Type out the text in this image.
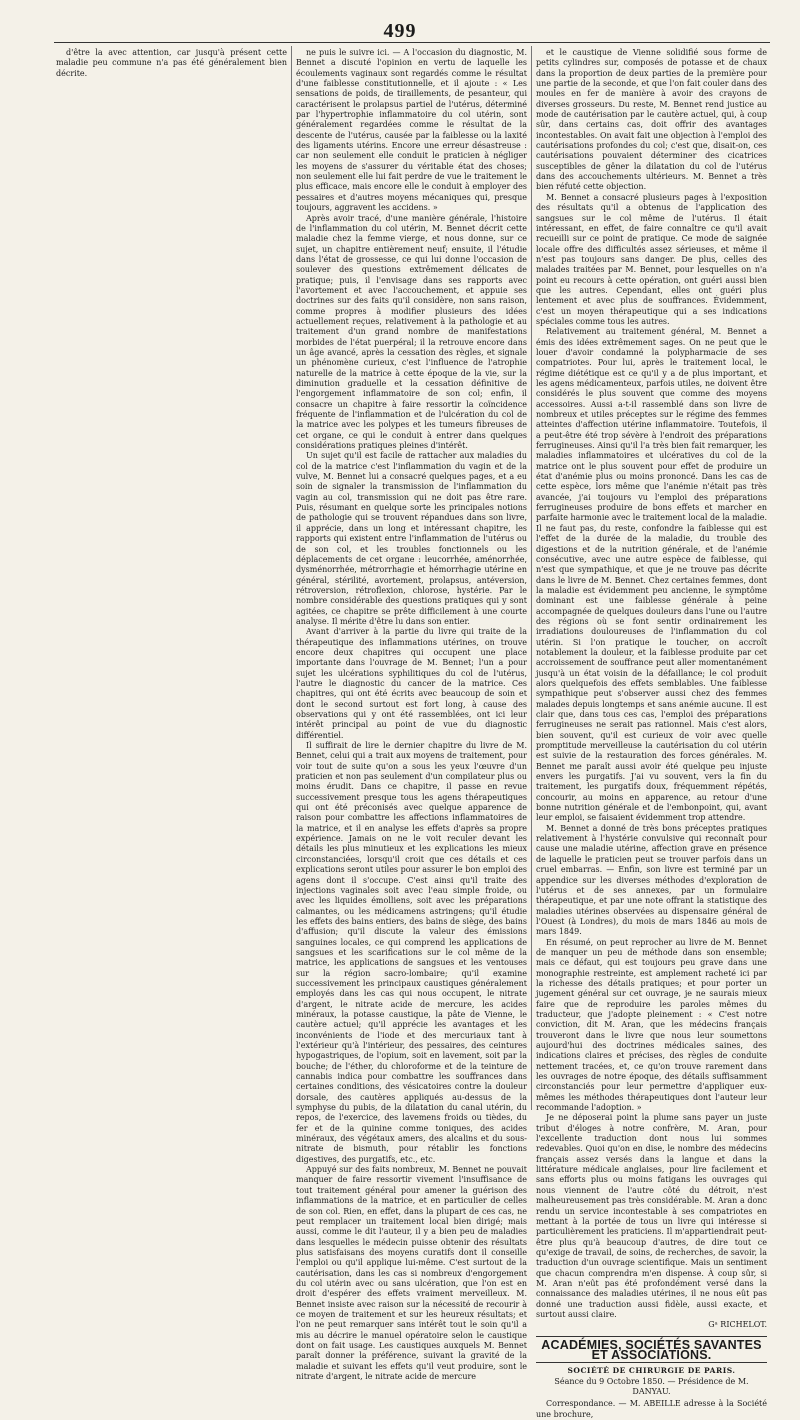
499

d'être la avec attention, car jusqu'à présent cette maladie peu commune n'a pas été généralement bien décrite.

ne puis le suivre ici. — A l'occasion du diagnostic, M. Bennet a discuté l'opinion en vertu de laquelle les écoulements vaginaux sont regardés comme le résultat d'une faiblesse constitutionnelle, et il ajoute : « Les sensations de poids, de tiraillements, de pesanteur, qui caractérisent le prolapsus partiel de l'utérus, déterminé par l'hypertrophie inflammatoire du col utérin, sont généralement regardées comme le résultat de la descente de l'utérus, causée par la faiblesse ou la laxité des ligaments utérins. Encore une erreur désastreuse : car non seulement elle conduit le praticien à négliger les moyens de s'assurer du véritable état des choses; non seulement elle lui fait perdre de vue le traitement le plus efficace, mais encore elle le conduit à employer des pessaires et d'autres moyens mécaniques qui, presque toujours, aggravent les accidens. »

Après avoir tracé, d'une manière générale, l'histoire de l'inflammation du col utérin, M. Bennet décrit cette maladie chez la femme vierge, et nous donne, sur ce sujet, un chapitre entièrement neuf; ensuite, il l'étudie dans l'état de grossesse, ce qui lui donne l'occasion de soulever des questions extrêmement délicates de pratique; puis, il l'envisage dans ses rapports avec l'avortement et avec l'accouchement, et appuie ses doctrines sur des faits qu'il considère, non sans raison, comme propres à modifier plusieurs des idées actuellement reçues, relativement à la pathologie et au traitement d'un grand nombre de manifestations morbides de l'état puerpéral; il la retrouve encore dans un âge avancé, après la cessation des règles, et signale un phénomène curieux, c'est l'influence de l'atrophie naturelle de la matrice à cette époque de la vie, sur la diminution graduelle et la cessation définitive de l'engorgement inflammatoire de son col; enfin, il consacre un chapitre à faire ressortir la coïncidence fréquente de l'inflammation et de l'ulcération du col de la matrice avec les polypes et les tumeurs fibreuses de cet organe, ce qui le conduit à entrer dans quelques considérations pratiques pleines d'intérêt.

Un sujet qu'il est facile de rattacher aux maladies du col de la matrice c'est l'inflammation du vagin et de la vulve, M. Bennet lui a consacré quelques pages, et a eu soin de signaler la transmission de l'inflammation du vagin au col, transmission qui ne doit pas être rare. Puis, résumant en quelque sorte les principales notions de pathologie qui se trouvent répandues dans son livre, il apprécie, dans un long et intéressant chapitre, les rapports qui existent entre l'inflammation de l'utérus ou de son col, et les troubles fonctionnels ou les déplacements de cet organe : leucorrhée, aménorrhée, dysménorrhée, métrorrhagie et hémorrhagie utérine en général, stérilité, avortement, prolapsus, antéversion, rétroversion, rétroflexion, chlorose, hystérie. Par le nombre considérable des questions pratiques qui y sont agitées, ce chapitre se prête difficilement à une courte analyse. Il mérite d'être lu dans son entier.

Avant d'arriver à la partie du livre qui traite de la thérapeutique des inflammations utérines, on trouve encore deux chapitres qui occupent une place importante dans l'ouvrage de M. Bennet; l'un a pour sujet les ulcérations syphilitiques du col de l'utérus, l'autre le diagnostic du cancer de la matrice. Ces chapitres, qui ont été écrits avec beaucoup de soin et dont le second surtout est fort long, à cause des observations qui y ont été rassemblées, ont ici leur intérêt principal au point de vue du diagnostic différentiel.

Il suffirait de lire le dernier chapitre du livre de M. Bennet, celui qui a trait aux moyens de traitement, pour voir tout de suite qu'on a sous les yeux l'œuvre d'un praticien et non pas seulement d'un compilateur plus ou moins érudit. Dans ce chapitre, il passe en revue successivement presque tous les agens thérapeutiques qui ont été préconisés avec quelque apparence de raison pour combattre les affections inflammatoires de la matrice, et il en analyse les effets d'après sa propre expérience. Jamais on ne le voit reculer devant les détails les plus minutieux et les explications les mieux circonstanciées, lorsqu'il croit que ces détails et ces explications seront utiles pour assurer le bon emploi des agens dont il s'occupe. C'est ainsi qu'il traite des injections vaginales soit avec l'eau simple froide, ou avec les liquides émolliens, soit avec les préparations calmantes, ou les médicamens astringens; qu'il étudie les effets des bains entiers, des bains de siège, des bains d'affusion; qu'il discute la valeur des émissions sanguines locales, ce qui comprend les applications de sangsues et les scarifications sur le col même de la matrice, les applications de sangsues et les ventouses sur la région sacro-lombaire; qu'il examine successivement les principaux caustiques généralement employés dans les cas qui nous occupent, le nitrate d'argent, le nitrate acide de mercure, les acides minéraux, la potasse caustique, la pâte de Vienne, le cautère actuel; qu'il apprécie les avantages et les inconvénients de l'iode et des mercuriaux tant à l'extérieur qu'à l'intérieur, des pessaires, des ceintures hypogastriques, de l'opium, soit en lavement, soit par la bouche; de l'éther, du chloroforme et de la teinture de cannabis indica pour combattre les souffrances dans certaines conditions, des vésicatoires contre la douleur dorsale, des cautères appliqués au-dessus de la symphyse du pubis, de la dilatation du canal utérin, du repos, de l'exercice, des lavemens froids ou tièdes, du fer et de la quinine comme toniques, des acides minéraux, des végétaux amers, des alcalins et du sous-nitrate de bismuth, pour rétablir les fonctions digestives, des purgatifs, etc., etc.

Appuyé sur des faits nombreux, M. Bennet ne pouvait manquer de faire ressortir vivement l'insuffisance de tout traitement général pour amener la guérison des inflammations de la matrice, et en particulier de celles de son col. Rien, en effet, dans la plupart de ces cas, ne peut remplacer un traitement local bien dirigé; mais aussi, comme le dit l'auteur, il y a bien peu de maladies dans lesquelles le médecin puisse obtenir des résultats plus satisfaisans des moyens curatifs dont il conseille l'emploi ou qu'il applique lui-même. C'est surtout de la cautérisation, dans les cas si nombreux d'engorgement du col utérin avec ou sans ulcération, que l'on est en droit d'espérer des effets vraiment merveilleux. M. Bennet insiste avec raison sur la nécessité de recourir à ce moyen de traitement et sur les heureux résultats; et l'on ne peut remarquer sans intérêt tout le soin qu'il a mis au décrire le manuel opératoire selon le caustique dont on fait usage. Les caustiques auxquels M. Bennet paraît donner la préférence, suivant la gravité de la maladie et suivant les effets qu'il veut produire, sont le nitrate d'argent, le nitrate acide de mercure

et le caustique de Vienne solidifié sous forme de petits cylindres sur, composés de potasse et de chaux dans la proportion de deux parties de la première pour une partie de la seconde, et que l'on fait couler dans des moules en fer de manière à avoir des crayons de diverses grosseurs. Du reste, M. Bennet rend justice au mode de cautérisation par le cautère actuel, qui, à coup sûr, dans certains cas, doit offrir des avantages incontestables. On avait fait une objection à l'emploi des cautérisations profondes du col; c'est que, disait-on, ces cautérisations pouvaient déterminer des cicatrices susceptibles de gêner la dilatation du col de l'utérus dans des accouchements ultérieurs. M. Bennet a très bien réfuté cette objection.

M. Bennet a consacré plusieurs pages à l'exposition des résultats qu'il a obtenus de l'application des sangsues sur le col même de l'utérus. Il était intéressant, en effet, de faire connaître ce qu'il avait recueilli sur ce point de pratique. Ce mode de saignée locale offre des difficultés assez sérieuses, et même il n'est pas toujours sans danger. De plus, celles des malades traitées par M. Bennet, pour lesquelles on n'a point eu recours à cette opération, ont guéri aussi bien que les autres. Cependant, elles ont guéri plus lentement et avec plus de souffrances. Évidemment, c'est un moyen thérapeutique qui a ses indications spéciales comme tous les autres.

Relativement au traitement général, M. Bennet a émis des idées extrêmement sages. On ne peut que le louer d'avoir condamné la polypharmacie de ses compatriotes. Pour lui, après le traitement local, le régime diététique est ce qu'il y a de plus important, et les agens médicamenteux, parfois utiles, ne doivent être considérés le plus souvent que comme des moyens accessoires. Aussi a-t-il rassemblé dans son livre de nombreux et utiles préceptes sur le régime des femmes atteintes d'affection utérine inflammatoire. Toutefois, il a peut-être été trop sévère à l'endroit des préparations ferrugineuses. Ainsi qu'il l'a très bien fait remarquer, les maladies inflammatoires et ulcératives du col de la matrice ont le plus souvent pour effet de produire un état d'anémie plus ou moins prononcé. Dans les cas de cette espèce, lors même que l'anémie n'était pas très avancée, j'ai toujours vu l'emploi des préparations ferrugineuses produire de bons effets et marcher en parfaite harmonie avec le traitement local de la maladie. Il ne faut pas, du reste, confondre la faiblesse qui est l'effet de la durée de la maladie, du trouble des digestions et de la nutrition générale, et de l'anémie consécutive, avec une autre espèce de faiblesse, qui n'est que sympathique, et que je ne trouve pas décrite dans le livre de M. Bennet. Chez certaines femmes, dont la maladie est évidemment peu ancienne, le symptôme dominant est une faiblesse générale à peine accompagnée de quelques douleurs dans l'une ou l'autre des régions où se font sentir ordinairement les irradiations douloureuses de l'inflammation du col utérin. Si l'on pratique le toucher, on accroît notablement la douleur, et la faiblesse produite par cet accroissement de souffrance peut aller momentanément jusqu'à un état voisin de la défaillance; le col produit alors quelquefois des effets semblables. Une faiblesse sympathique peut s'observer aussi chez des femmes malades depuis longtemps et sans anémie aucune. Il est clair que, dans tous ces cas, l'emploi des préparations ferrugineuses ne serait pas rationnel. Mais c'est alors, bien souvent, qu'il est curieux de voir avec quelle promptitude merveilleuse la cautérisation du col utérin est suivie de la restauration des forces générales. M. Bennet me paraît aussi avoir été quelque peu injuste envers les purgatifs. J'ai vu souvent, vers la fin du traitement, les purgatifs doux, fréquemment répétés, concourir, au moins en apparence, au retour d'une bonne nutrition générale et de l'embonpoint, qui, avant leur emploi, se faisaient évidemment trop attendre.

M. Bennet a donné de très bons préceptes pratiques relativement à l'hystérie convulsive qui reconnaît pour cause une maladie utérine, affection grave en présence de laquelle le praticien peut se trouver parfois dans un cruel embarras. — Enfin, son livre est terminé par un appendice sur les diverses méthodes d'exploration de l'utérus et de ses annexes, par un formulaire thérapeutique, et par une note offrant la statistique des maladies utérines observées au dispensaire général de l'Ouest (à Londres), du mois de mars 1846 au mois de mars 1849.

En résumé, on peut reprocher au livre de M. Bennet de manquer un peu de méthode dans son ensemble; mais ce défaut, qui est toujours peu grave dans une monographie restreinte, est amplement racheté ici par la richesse des détails pratiques; et pour porter un jugement général sur cet ouvrage, je ne saurais mieux faire que de reproduire les paroles mêmes du traducteur, que j'adopte pleinement : « C'est notre conviction, dit M. Aran, que les médecins français trouveront dans le livre que nous leur soumettons aujourd'hui des doctrines médicales saines, des indications claires et précises, des règles de conduite nettement tracées, et, ce qu'on trouve rarement dans les ouvrages de notre époque, des détails suffisamment circonstanciés pour leur permettre d'appliquer eux-mêmes les méthodes thérapeutiques dont l'auteur leur recommande l'adoption. »

Je ne déposerai point la plume sans payer un juste tribut d'éloges à notre confrère, M. Aran, pour l'excellente traduction dont nous lui sommes redevables. Quoi qu'on en dise, le nombre des médecins français assez versés dans la langue et dans la littérature médicale anglaises, pour lire facilement et sans efforts plus ou moins fatigans les ouvrages qui nous viennent de l'autre côté du détroit, n'est malheureusement pas très considérable. M. Aran a donc rendu un service incontestable à ses compatriotes en mettant à la portée de tous un livre qui intéresse si particulièrement les praticiens. Il m'appartiendrait peut-être plus qu'à beaucoup d'autres, de dire tout ce qu'exige de travail, de soins, de recherches, de savoir, la traduction d'un ouvrage scientifique. Mais un sentiment que chacun comprendra m'en dispense. À coup sûr, si M. Aran n'eût pas été profondément versé dans la connaissance des maladies utérines, il ne nous eût pas donné une traduction aussi fidèle, aussi exacte, et surtout aussi claire.

Gᵃ RICHELOT.

ACADÉMIES, SOCIÉTÉS SAVANTES ET ASSOCIATIONS.
SOCIÉTÉ DE CHIRURGIE DE PARIS.
Séance du 9 Octobre 1850. — Présidence de M. DANYAU.

Correspondance. — M. ABEILLE adresse à la Société une brochure,
